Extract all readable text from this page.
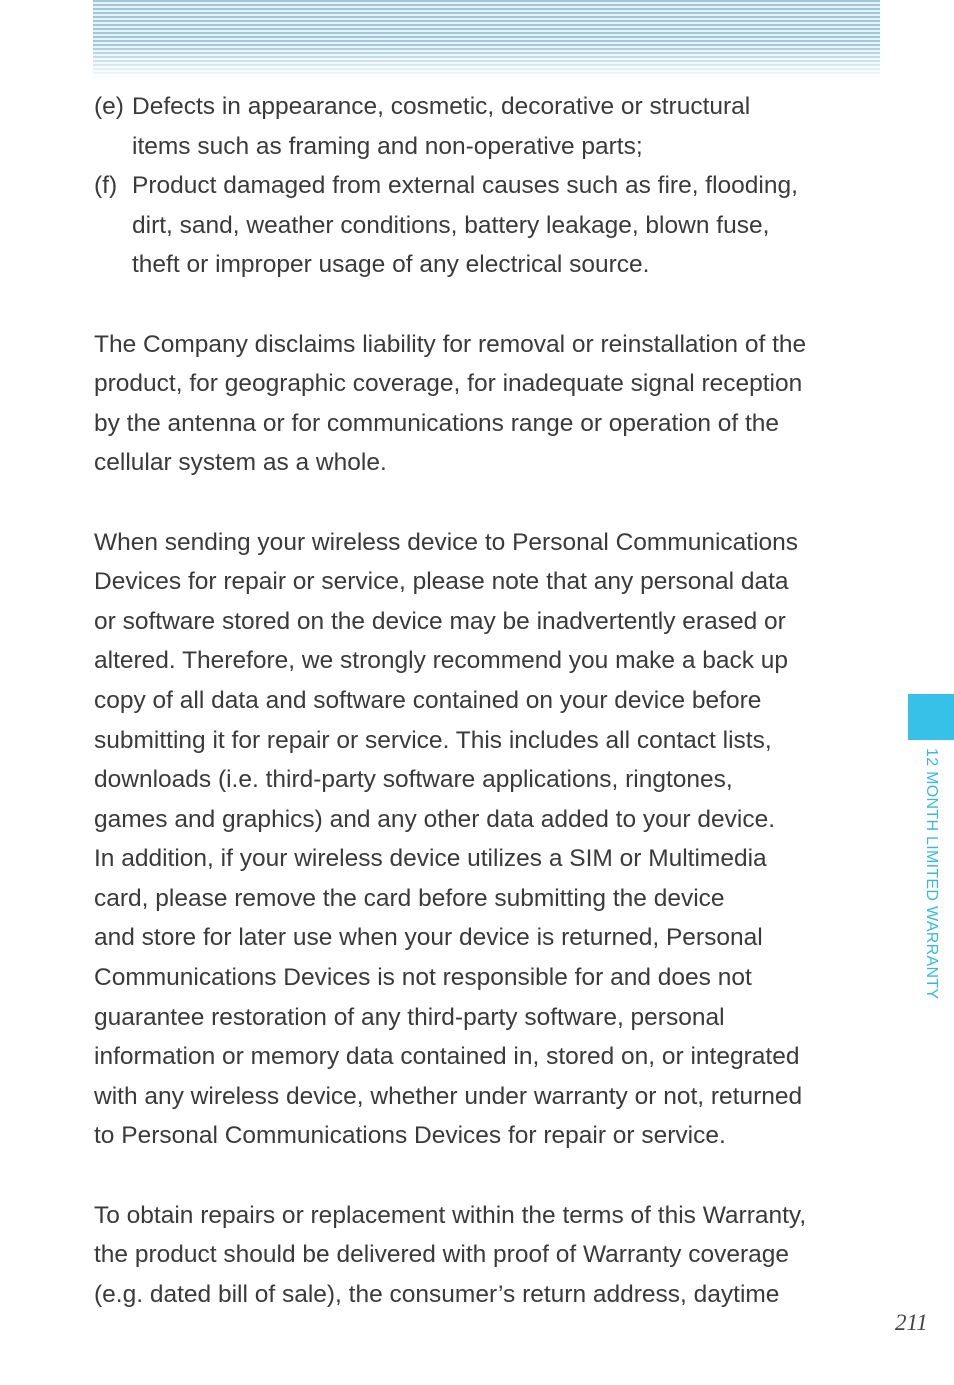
(e) Defects in appearance, cosmetic, decorative or structural
items such as framing and non-operative parts;
(f) Product damaged from external causes such as fire, flooding,
dirt, sand, weather conditions, battery leakage, blown fuse,
theft or improper usage of any electrical source.
The Company disclaims liability for removal or reinstallation of the
product, for geographic coverage, for inadequate signal reception
by the antenna or for communications range or operation of the
cellular system as a whole.
When sending your wireless device to Personal Communications
Devices for repair or service, please note that any personal data
or software stored on the device may be inadvertently erased or
altered. Therefore, we strongly recommend you make a back up
copy of all data and software contained on your device before
submitting it for repair or service. This includes all contact lists,
downloads (i.e. third-party software applications, ringtones,
games and graphics) and any other data added to your device.
In addition, if your wireless device utilizes a SIM or Multimedia
card, please remove the card before submitting the device
and store for later use when your device is returned, Personal
Communications Devices is not responsible for and does not
guarantee restoration of any third-party software, personal
information or memory data contained in, stored on, or integrated
with any wireless device, whether under warranty or not, returned
to Personal Communications Devices for repair or service.
To obtain repairs or replacement within the terms of this Warranty,
the product should be delivered with proof of Warranty coverage
(e.g. dated bill of sale), the consumer’s return address, daytime
12 MONTH LIMITED WARRANTY
211
